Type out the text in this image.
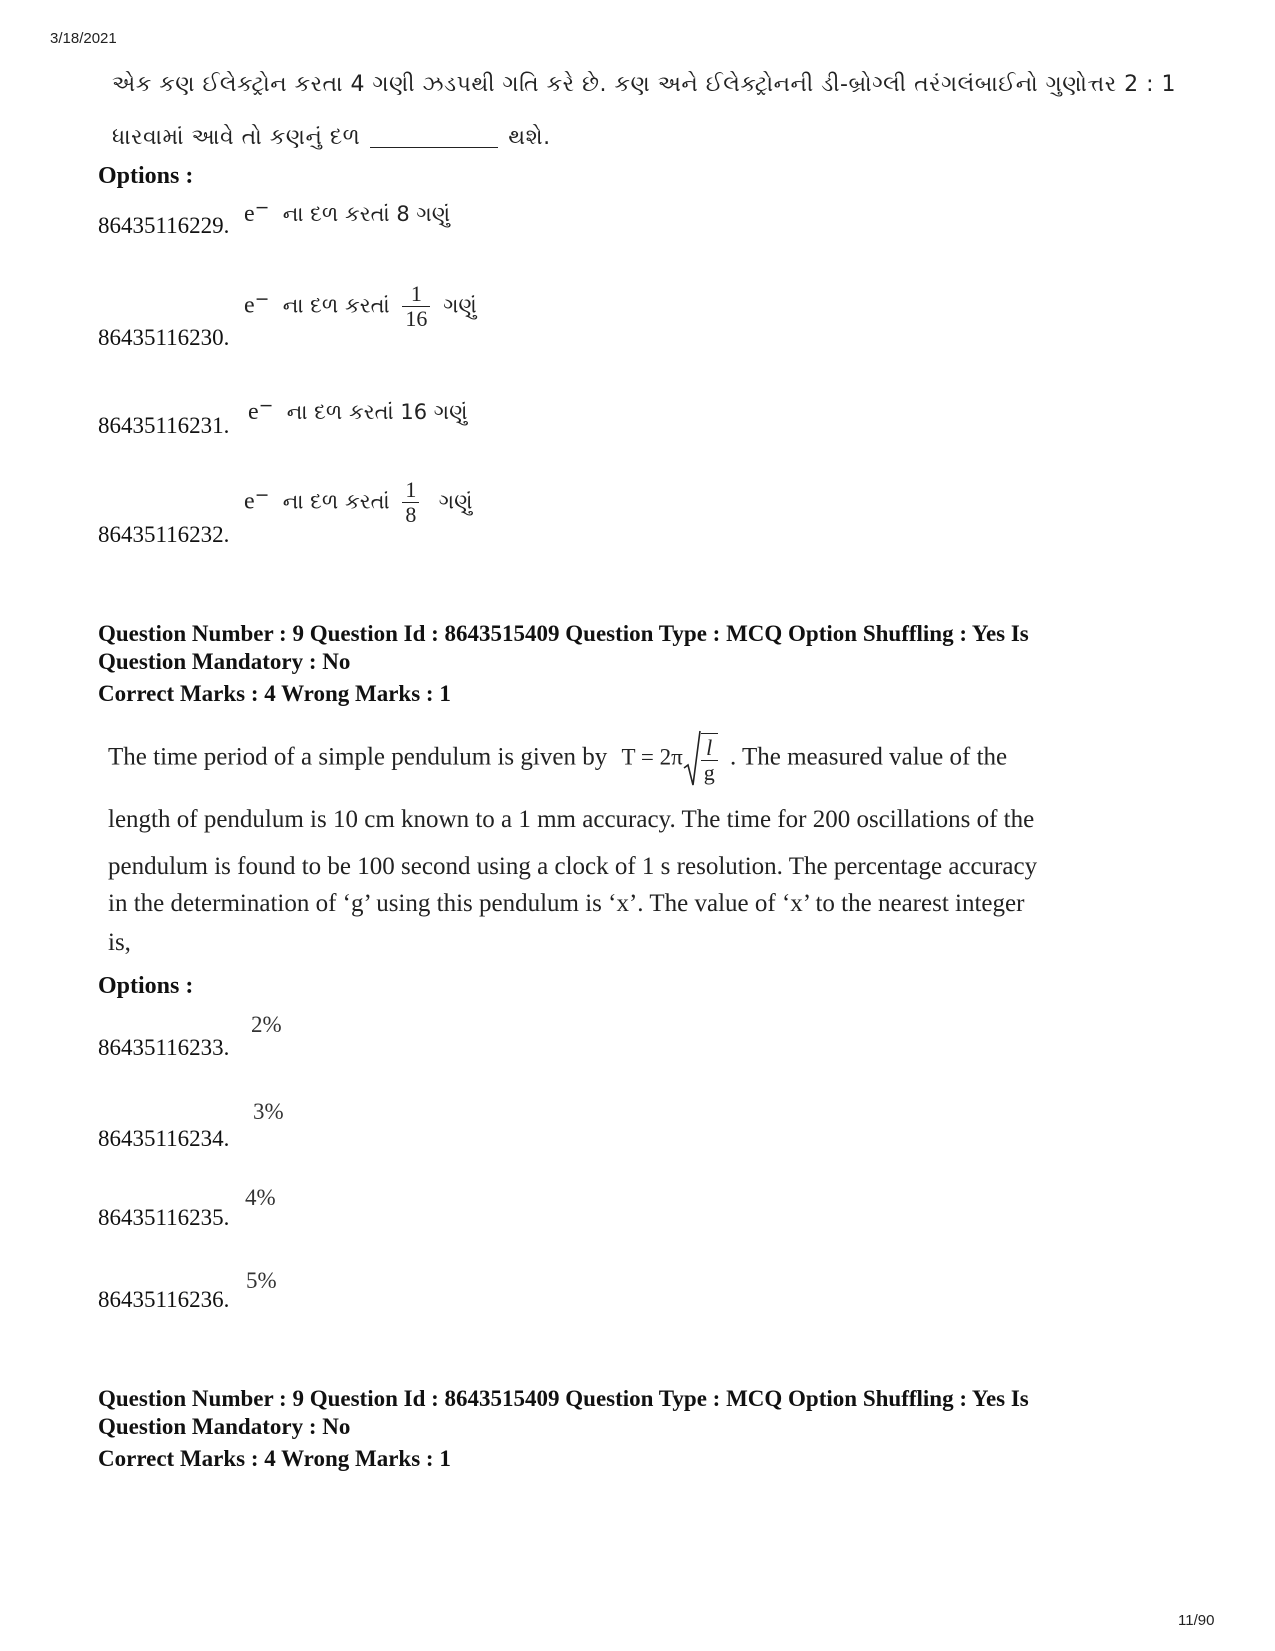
3/18/2021
એક કણ ઈલેક્ટ્રોન કરતા 4 ગણી ઝડપથી ગતિ કરે છે. કણ અને ઈલેક્ટ્રોનની ડી-બ્રોગ્લી તરંગલંબાઈનો ગુણોત્તર 2 : 1
ધારવામાં આવે તો કણનું દળ	થશે.
Options :
86435116229. e− ના દળ કરતાં 8 ગણું
86435116230.
e− ના દળ કરતાં $\frac{1}{16}$ ગણું
86435116231.
e− ના દળ કરતાં 16 ગણું
86435116232.
e− ના દળ કરતાં $\frac{1}{8}$ ગણું
Question Number : 9 Question Id : 8643515409 Question Type : MCQ Option Shuffling : Yes Is
Question Mandatory : No
Correct Marks : 4 Wrong Marks : 1
The time period of a simple pendulum is given by $T = 2\pi \frac{l}{g}$ . The measured value of the
length of pendulum is 10 cm known to a 1 mm accuracy. The time for 200 oscillations of the
pendulum is found to be 100 second using a clock of 1 s resolution. The percentage accuracy
in the determination of ‘g’ using this pendulum is ‘x’. The value of ‘x’ to the nearest integer
is,
Options :
86435116233.
2%
86435116234.
3%
86435116235.
4%
86435116236.
5%
Question Number : 9 Question Id : 8643515409 Question Type : MCQ Option Shuffling : Yes Is
Question Mandatory : No
Correct Marks : 4 Wrong Marks : 1
11/90
